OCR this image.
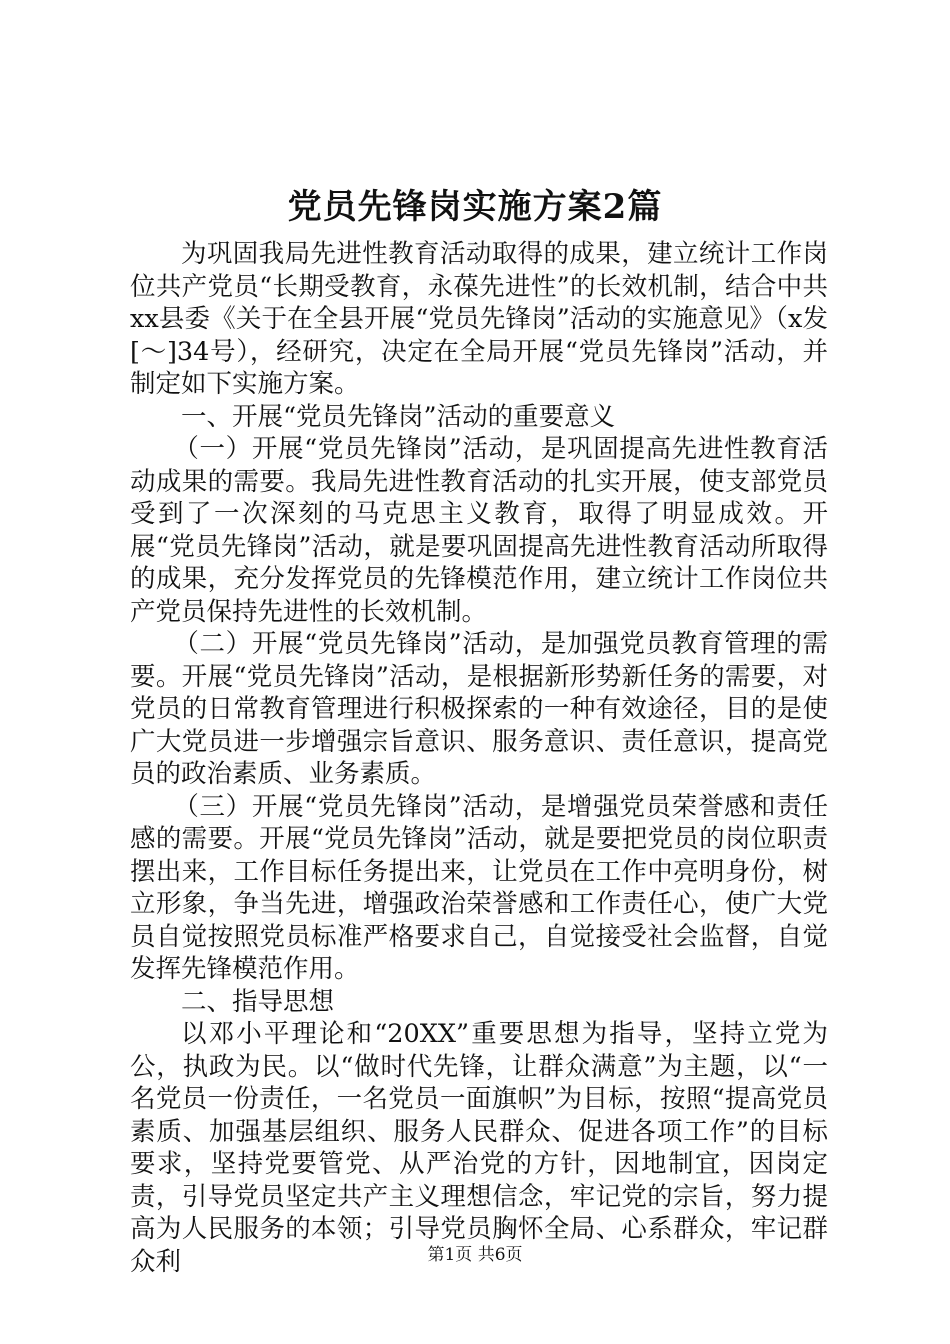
党员先锋岗实施方案2篇

为巩固我局先进性教育活动取得的成果，建立统计工作岗位共产党员“长期受教育，永葆先进性”的长效机制，结合中共xx县委《关于在全县开展“党员先锋岗”活动的实施意见》（x发[～]34号），经研究，决定在全局开展“党员先锋岗”活动，并制定如下实施方案。

一、开展“党员先锋岗”活动的重要意义

（一）开展“党员先锋岗”活动，是巩固提高先进性教育活动成果的需要。我局先进性教育活动的扎实开展，使支部党员受到了一次深刻的马克思主义教育，取得了明显成效。开展“党员先锋岗”活动，就是要巩固提高先进性教育活动所取得的成果，充分发挥党员的先锋模范作用，建立统计工作岗位共产党员保持先进性的长效机制。

（二）开展“党员先锋岗”活动，是加强党员教育管理的需要。开展“党员先锋岗”活动，是根据新形势新任务的需要，对党员的日常教育管理进行积极探索的一种有效途径，目的是使广大党员进一步增强宗旨意识、服务意识、责任意识，提高党员的政治素质、业务素质。

（三）开展“党员先锋岗”活动，是增强党员荣誉感和责任感的需要。开展“党员先锋岗”活动，就是要把党员的岗位职责摆出来，工作目标任务提出来，让党员在工作中亮明身份，树立形象，争当先进，增强政治荣誉感和工作责任心，使广大党员自觉按照党员标准严格要求自己，自觉接受社会监督，自觉发挥先锋模范作用。

二、指导思想

以邓小平理论和“20XX”重要思想为指导，坚持立党为公，执政为民。以“做时代先锋，让群众满意”为主题，以“一名党员一份责任，一名党员一面旗帜”为目标，按照“提高党员素质、加强基层组织、服务人民群众、促进各项工作”的目标要求，坚持党要管党、从严治党的方针，因地制宜，因岗定责，引导党员坚定共产主义理想信念，牢记党的宗旨，努力提高为人民服务的本领；引导党员胸怀全局、心系群众，牢记群众利	第1页 共6页
